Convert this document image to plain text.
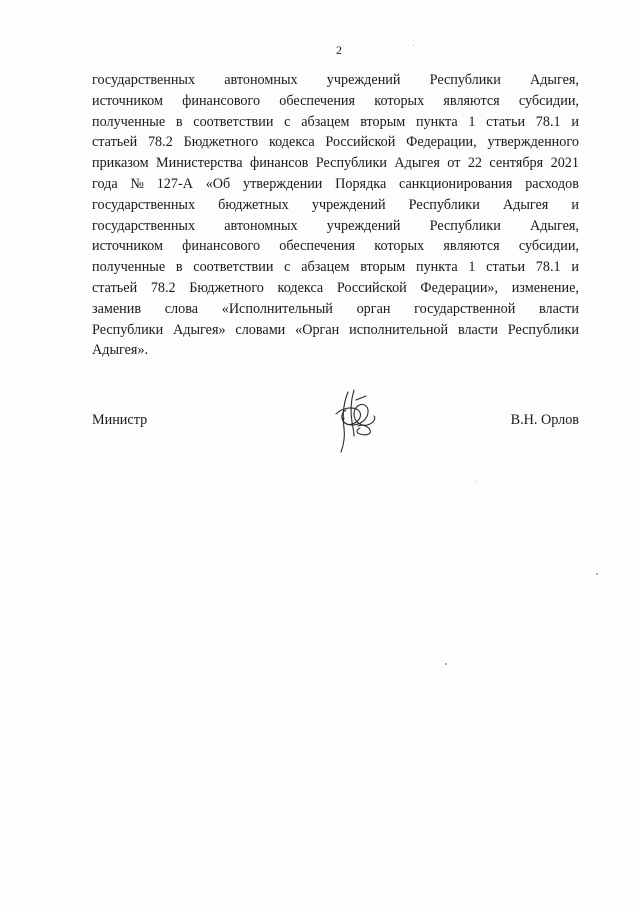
2
государственных автономных учреждений Республики Адыгея,
источником финансового обеспечения которых являются субсидии,
полученные в соответствии с абзацем вторым пункта 1 статьи 78.1 и
статьей 78.2 Бюджетного кодекса Российской Федерации, утвержденного
приказом Министерства финансов Республики Адыгея от 22 сентября 2021
года № 127-А «Об утверждении Порядка санкционирования расходов
государственных бюджетных учреждений Республики Адыгея и
государственных автономных учреждений Республики Адыгея,
источником финансового обеспечения которых являются субсидии,
полученные в соответствии с абзацем вторым пункта 1 статьи 78.1 и
статьей 78.2 Бюджетного кодекса Российской Федерации», изменение,
заменив слова «Исполнительный орган государственной власти
Республики Адыгея» словами «Орган исполнительной власти Республики
Адыгея».
Министр	В.Н. Орлов
